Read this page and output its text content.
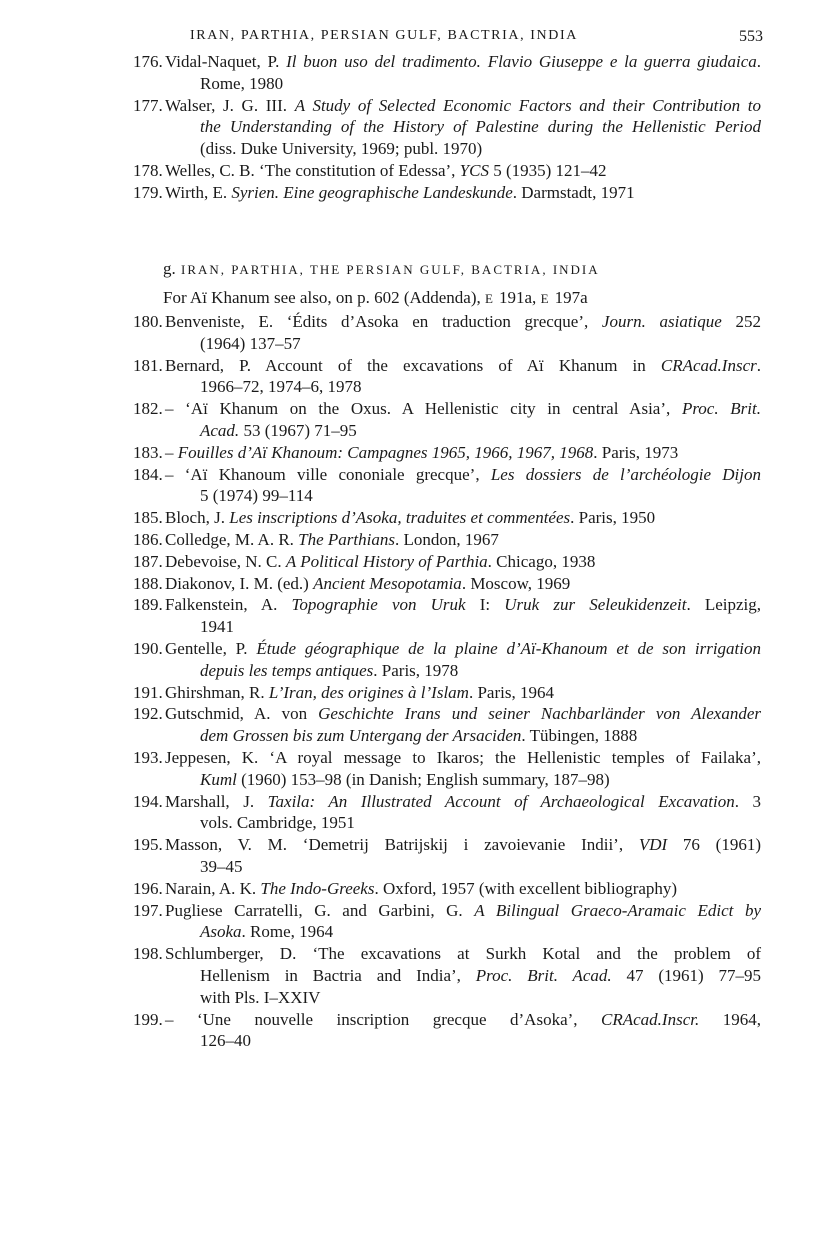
IRAN, PARTHIA, PERSIAN GULF, BACTRIA, INDIA	553
176. Vidal-Naquet, P. Il buon uso del tradimento. Flavio Giuseppe e la guerra giudaica.
Rome, 1980
177. Walser, J. G. III. A Study of Selected Economic Factors and their Contribution to
the Understanding of the History of Palestine during the Hellenistic Period
(diss. Duke University, 1969; publ. 1970)
178. Welles, C. B. ‘The constitution of Edessa’, YCS 5 (1935) 121–42
179. Wirth, E. Syrien. Eine geographische Landeskunde. Darmstadt, 1971
g. IRAN, PARTHIA, THE PERSIAN GULF, BACTRIA, INDIA
For Aï Khanum see also, on p. 602 (Addenda), E 191a, E 197a
180. Benveniste, E. ‘Édits d’Asoka en traduction grecque’, Journ. asiatique 252
(1964) 137–57
181. Bernard, P. Account of the excavations of Aï Khanum in CRAcad.Inscr.
1966–72, 1974–6, 1978
182. – ‘Aï Khanum on the Oxus. A Hellenistic city in central Asia’, Proc. Brit.
Acad. 53 (1967) 71–95
183. – Fouilles d’Aï Khanoum: Campagnes 1965, 1966, 1967, 1968. Paris, 1973
184. – ‘Aï Khanoum ville cononiale grecque’, Les dossiers de l’archéologie Dijon
5 (1974) 99–114
185. Bloch, J. Les inscriptions d’Asoka, traduites et commentées. Paris, 1950
186. Colledge, M. A. R. The Parthians. London, 1967
187. Debevoise, N. C. A Political History of Parthia. Chicago, 1938
188. Diakonov, I. M. (ed.) Ancient Mesopotamia. Moscow, 1969
189. Falkenstein, A. Topographie von Uruk I: Uruk zur Seleukidenzeit. Leipzig,
1941
190. Gentelle, P. Étude géographique de la plaine d’Aï-Khanoum et de son irrigation
depuis les temps antiques. Paris, 1978
191. Ghirshman, R. L’Iran, des origines à l’Islam. Paris, 1964
192. Gutschmid, A. von Geschichte Irans und seiner Nachbarländer von Alexander
dem Grossen bis zum Untergang der Arsaciden. Tübingen, 1888
193. Jeppesen, K. ‘A royal message to Ikaros; the Hellenistic temples of Failaka’,
Kuml (1960) 153–98 (in Danish; English summary, 187–98)
194. Marshall, J. Taxila: An Illustrated Account of Archaeological Excavation. 3
vols. Cambridge, 1951
195. Masson, V. M. ‘Demetrij Batrijskij i zavoievanie Indii’, VDI 76 (1961)
39–45
196. Narain, A. K. The Indo-Greeks. Oxford, 1957 (with excellent bibliography)
197. Pugliese Carratelli, G. and Garbini, G. A Bilingual Graeco-Aramaic Edict by
Asoka. Rome, 1964
198. Schlumberger, D. ‘The excavations at Surkh Kotal and the problem of
Hellenism in Bactria and India’, Proc. Brit. Acad. 47 (1961) 77–95
with Pls. I–XXIV
199. – ‘Une nouvelle inscription grecque d’Asoka’, CRAcad.Inscr. 1964,
126–40
